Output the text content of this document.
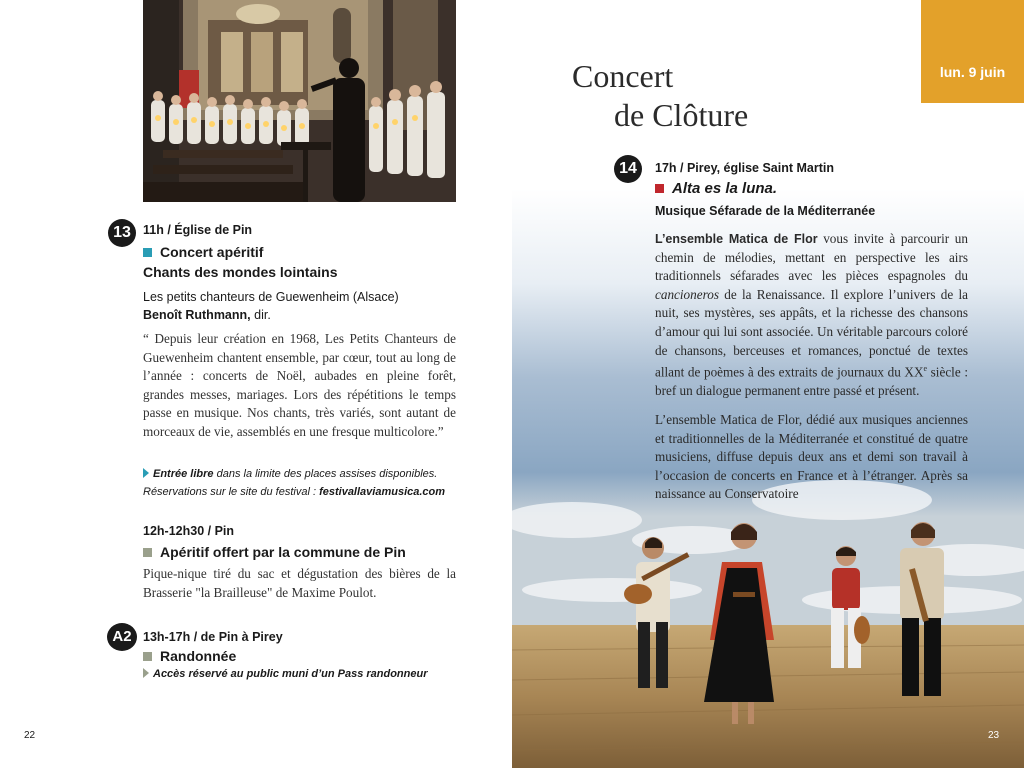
13 11h / Église de Pin
Concert apéritif
Chants des mondes lointains
Les petits chanteurs de Guewenheim (Alsace)
Benoît Ruthmann, dir.
“ Depuis leur création en 1968, Les Petits Chanteurs de Guewenheim chantent ensemble, par cœur, tout au long de l’année : concerts de Noël, aubades en pleine forêt, grandes messes, mariages. Lors des répétitions le temps passe en musique. Nos chants, très variés, sont autant de morceaux de vie, assemblés en une fresque multicolore.”
Entrée libre dans la limite des places assises disponibles.
Réservations sur le site du festival : festivallaviamusica.com
12h-12h30 / Pin
Apéritif offert par la commune de Pin
Pique-nique tiré du sac et dégustation des bières de la Brasserie "la Brailleuse" de Maxime Poulot.
A2 13h-17h / de Pin à Pirey
Randonnée
Accès réservé au public muni d’un Pass randonneur
22
lun. 9 juin
Concert
de Clôture
14	17h / Pirey, église Saint Martin
Alta es la luna.
Musique Séfarade de la Méditerranée
L’ensemble Matica de Flor vous invite à parcourir un chemin de mélodies, mettant en perspective les airs traditionnels séfarades avec les pièces espagnoles du cancioneros de la Renaissance. Il explore l’univers de la nuit, ses mystères, ses appâts, et la richesse des chansons d’amour qui lui sont associée. Un véritable parcours coloré de chansons, berceuses et romances, ponctué de textes allant de poèmes à des extraits de journaux du XXe siècle : bref un dialogue permanent entre passé et présent.
L’ensemble Matica de Flor, dédié aux musiques anciennes et traditionnelles de la Méditerranée et constitué de quatre musiciens, diffuse depuis deux ans et demi son travail à l’occasion de concerts en France et à l’étranger. Après sa naissance au Conservatoire
23
